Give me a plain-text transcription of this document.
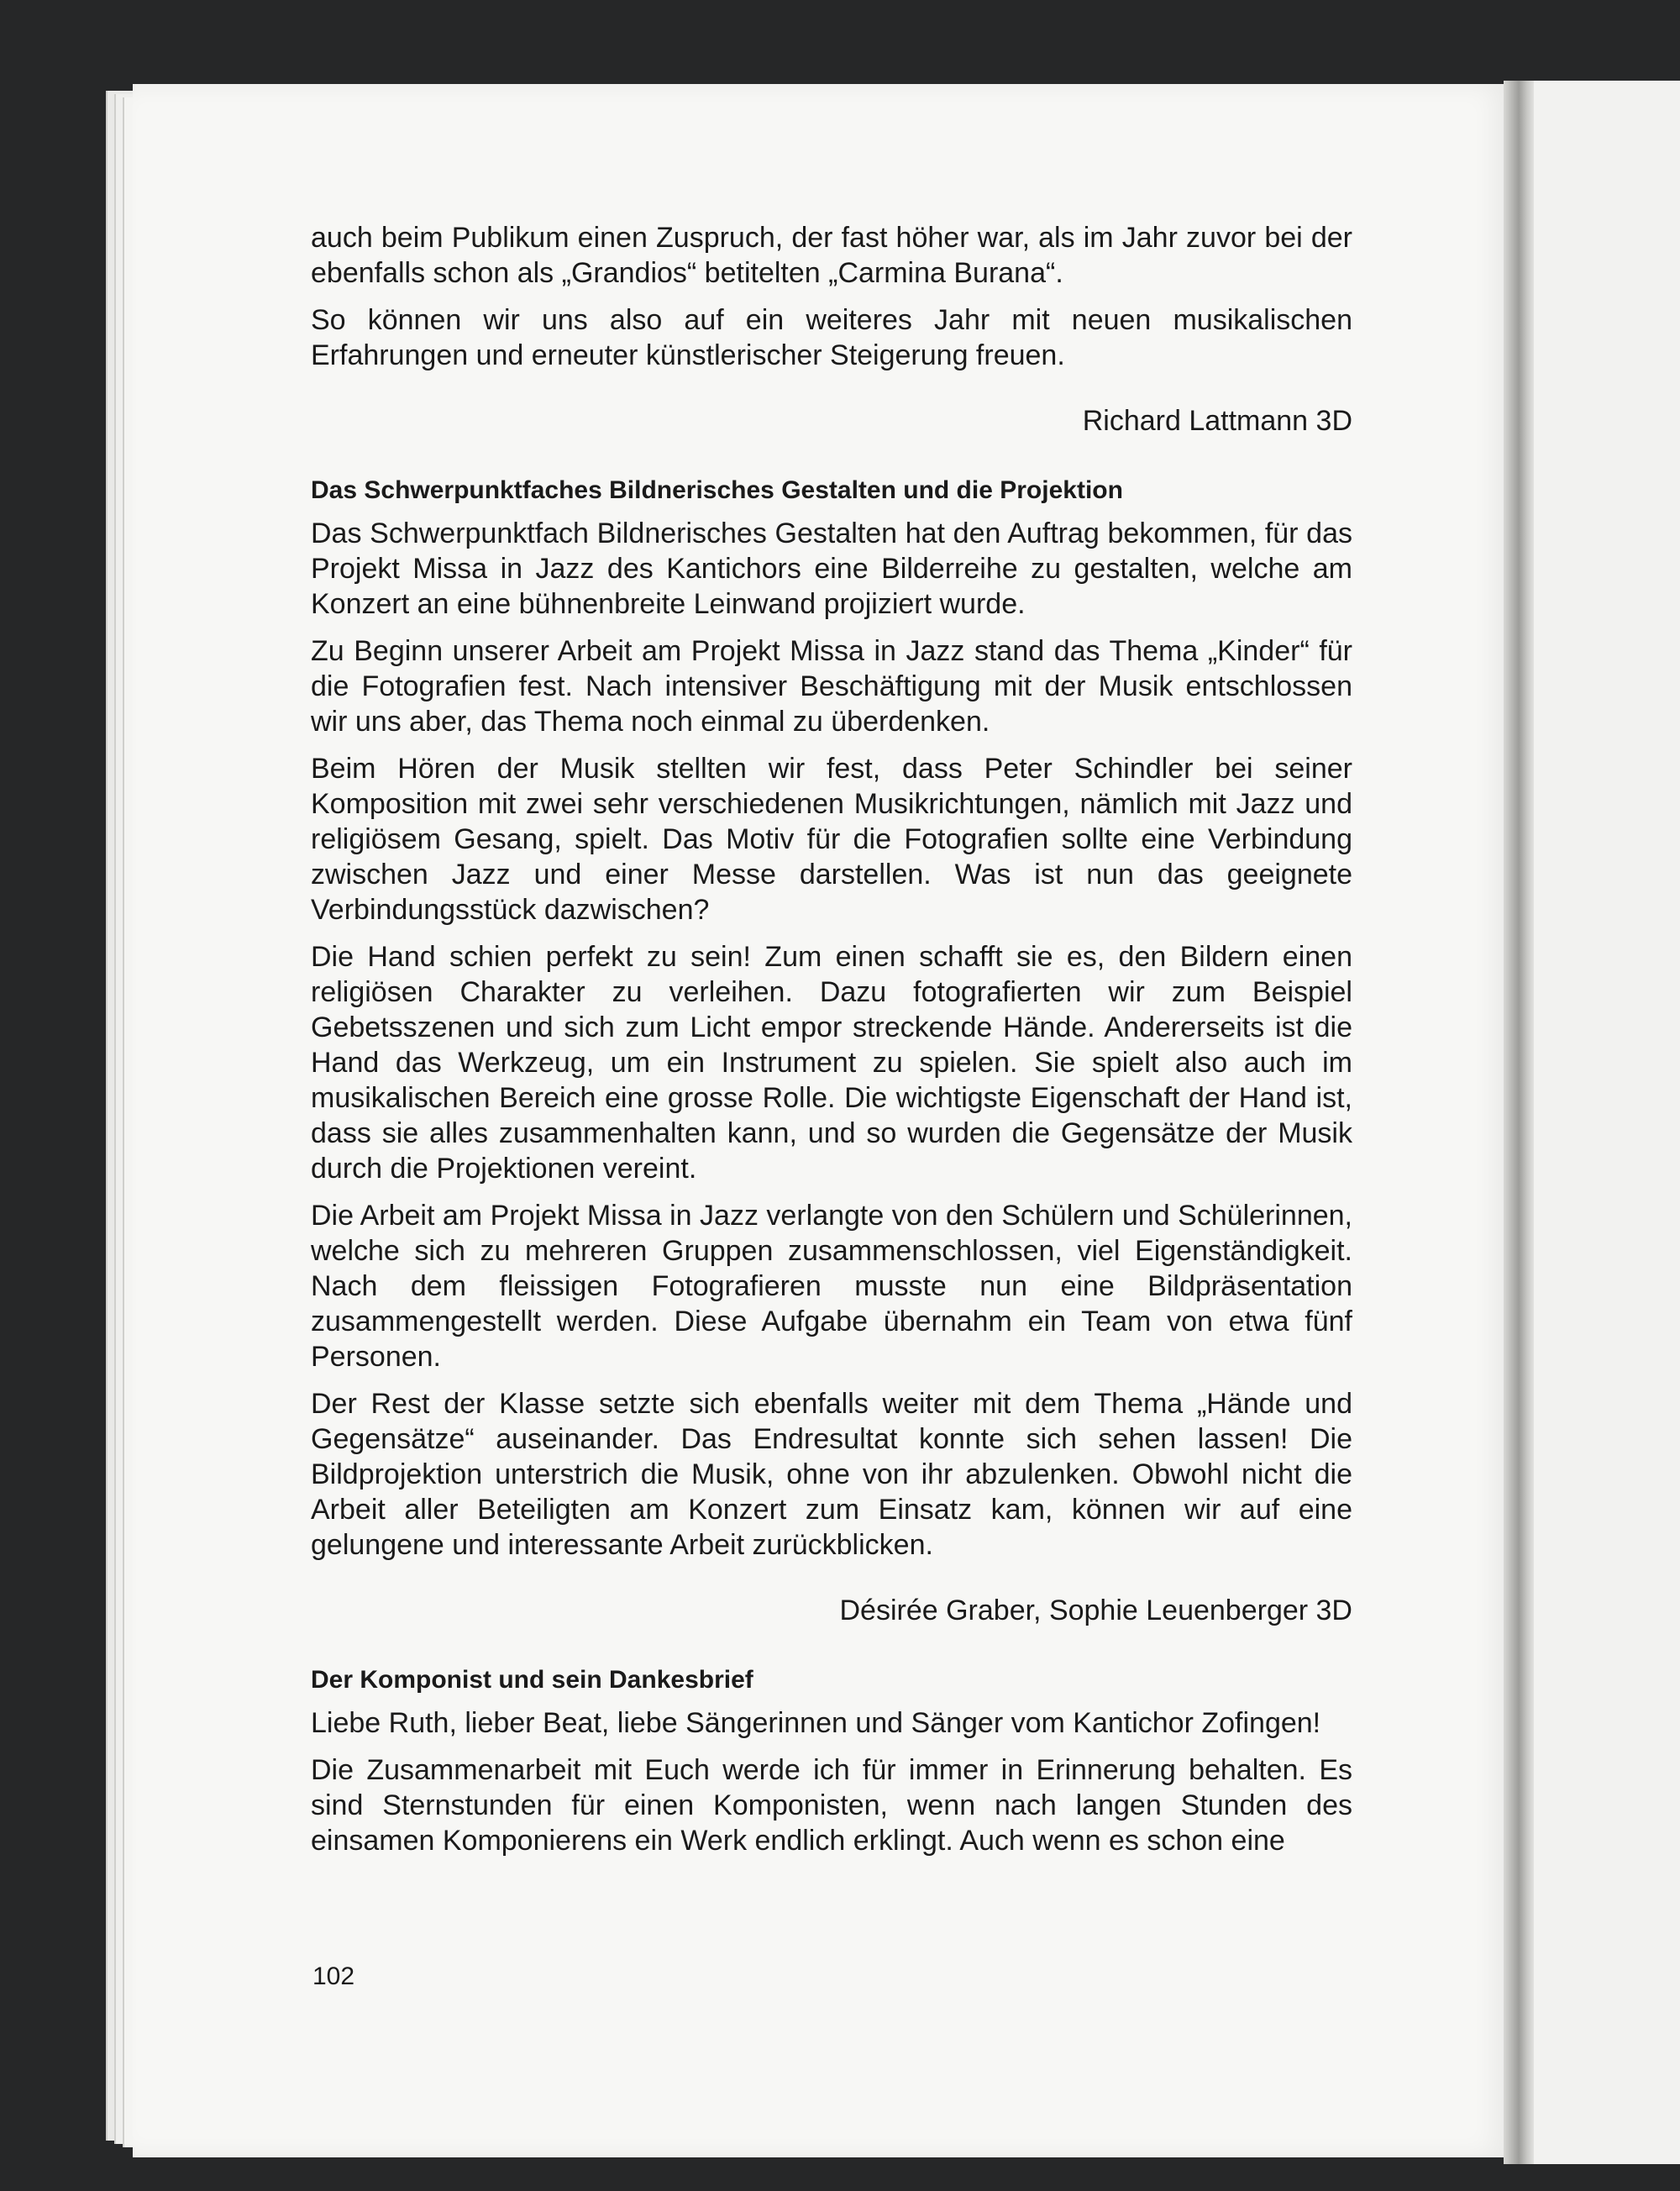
auch beim Publikum einen Zuspruch, der fast höher war, als im Jahr zuvor bei der ebenfalls schon als „Grandios“ betitelten „Carmina Burana“.

So können wir uns also auf ein weiteres Jahr mit neuen musikalischen Erfahrungen und erneuter künstlerischer Steigerung freuen.

Richard Lattmann 3D
Das Schwerpunktfaches Bildnerisches Gestalten und die Projektion

Das Schwerpunktfach Bildnerisches Gestalten hat den Auftrag bekommen, für das Projekt Missa in Jazz des Kantichors eine Bilderreihe zu gestalten, welche am Konzert an eine bühnenbreite Leinwand projiziert wurde.

Zu Beginn unserer Arbeit am Projekt Missa in Jazz stand das Thema „Kinder“ für die Fotografien fest. Nach intensiver Beschäftigung mit der Musik entschlossen wir uns aber, das Thema noch einmal zu überdenken.

Beim Hören der Musik stellten wir fest, dass Peter Schindler bei seiner Komposition mit zwei sehr verschiedenen Musikrichtungen, nämlich mit Jazz und religiösem Gesang, spielt. Das Motiv für die Fotografien sollte eine Verbindung zwischen Jazz und einer Messe darstellen. Was ist nun das geeignete Verbindungsstück dazwischen?

Die Hand schien perfekt zu sein! Zum einen schafft sie es, den Bildern einen religiösen Charakter zu verleihen. Dazu fotografierten wir zum Beispiel Gebetsszenen und sich zum Licht empor streckende Hände. Andererseits ist die Hand das Werkzeug, um ein Instrument zu spielen. Sie spielt also auch im musikalischen Bereich eine grosse Rolle. Die wichtigste Eigenschaft der Hand ist, dass sie alles zusammenhalten kann, und so wurden die Gegensätze der Musik durch die Projektionen vereint.

Die Arbeit am Projekt Missa in Jazz verlangte von den Schülern und Schülerinnen, welche sich zu mehreren Gruppen zusammenschlossen, viel Eigenständigkeit. Nach dem fleissigen Fotografieren musste nun eine Bildpräsentation zusammengestellt werden. Diese Aufgabe übernahm ein Team von etwa fünf Personen.

Der Rest der Klasse setzte sich ebenfalls weiter mit dem Thema „Hände und Gegensätze“ auseinander. Das Endresultat konnte sich sehen lassen! Die Bildprojektion unterstrich die Musik, ohne von ihr abzulenken. Obwohl nicht die Arbeit aller Beteiligten am Konzert zum Einsatz kam, können wir auf eine gelungene und interessante Arbeit zurückblicken.

Désirée Graber, Sophie Leuenberger 3D
Der Komponist und sein Dankesbrief

Liebe Ruth, lieber Beat, liebe Sängerinnen und Sänger vom Kantichor Zofingen!

Die Zusammenarbeit mit Euch werde ich für immer in Erinnerung behalten. Es sind Sternstunden für einen Komponisten, wenn nach langen Stunden des einsamen Komponierens ein Werk endlich erklingt. Auch wenn es schon eine

102
